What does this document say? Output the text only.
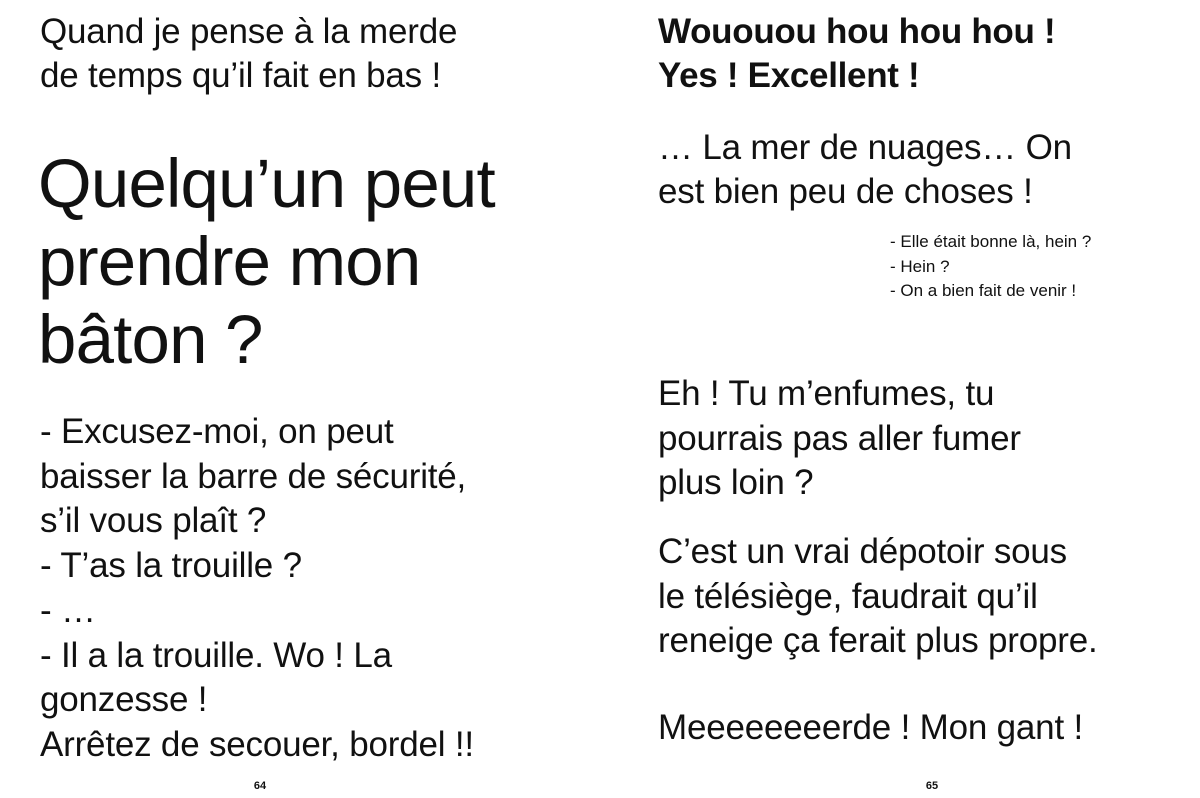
Quand je pense à la merde
de temps qu’il fait en bas !

Quelqu’un peut
prendre mon
bâton ?

- Excusez-moi, on peut
baisser la barre de sécurité,
s’il vous plaît ?
- T’as la trouille ?
- …
- Il a la trouille. Wo ! La
gonzesse !
Arrêtez de secouer, bordel !!

64

Wououou hou hou hou !
Yes ! Excellent !

… La mer de nuages… On
est bien peu de choses !

- Elle était bonne là, hein ?
- Hein ?
- On a bien fait de venir !

Eh ! Tu m’enfumes, tu
pourrais pas aller fumer
plus loin ?

C’est un vrai dépotoir sous
le télésiège, faudrait qu’il
reneige ça ferait plus propre.

Meeeeeeeerde ! Mon gant !

65
